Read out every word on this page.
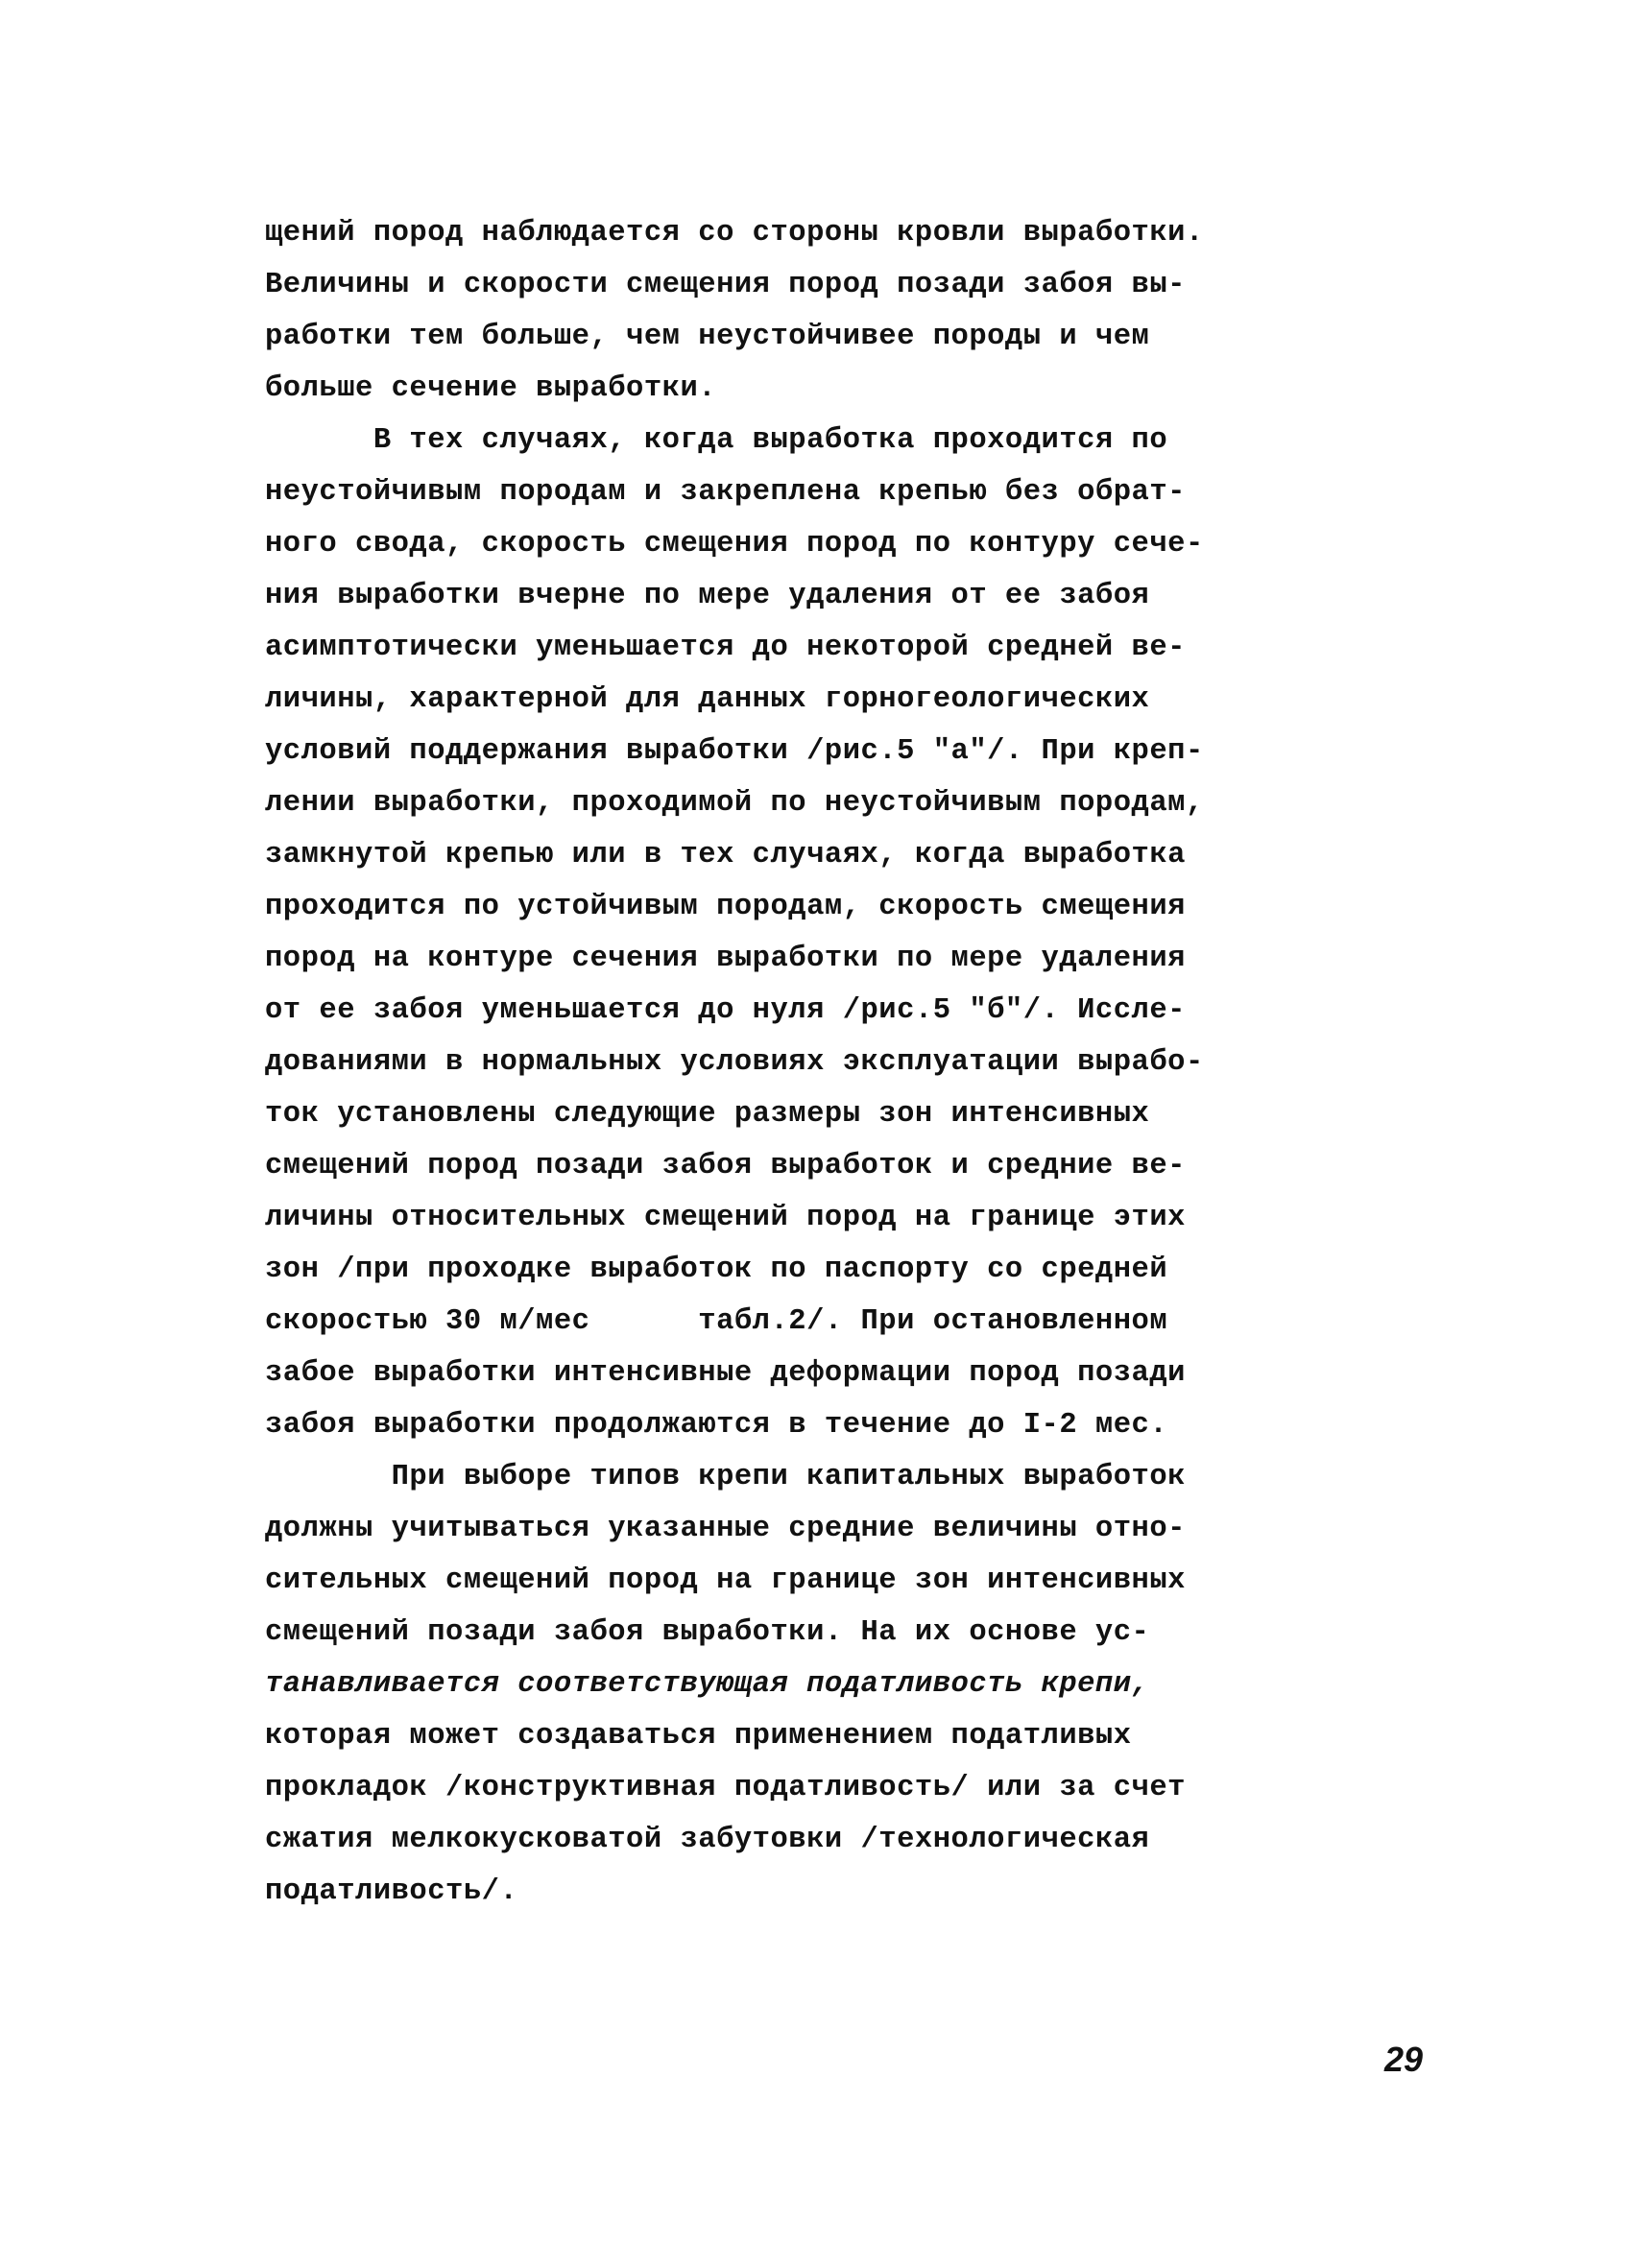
щений пород наблюдается со стороны кровли выработки.
Величины и скорости смещения пород позади забоя вы-
работки тем больше, чем неустойчивее породы и чем
больше сечение выработки.
В тех случаях, когда выработка проходится по
неустойчивым породам и закреплена крепью без обрат-
ного свода, скорость смещения пород по контуру сече-
ния выработки вчерне по мере удаления от ее забоя
асимптотически уменьшается до некоторой средней ве-
личины, характерной для данных горногеологических
условий поддержания выработки /рис.5 "а"/. При креп-
лении выработки, проходимой по неустойчивым породам,
замкнутой крепью или в тех случаях, когда выработка
проходится по устойчивым породам, скорость смещения
пород на контуре сечения выработки по мере удаления
от ее забоя уменьшается до нуля /рис.5 "б"/. Иссле-
дованиями в нормальных условиях эксплуатации вырабо-
ток установлены следующие размеры зон интенсивных
смещений пород позади забоя выработок и средние ве-
личины относительных смещений пород на границе этих
зон /при проходке выработок по паспорту со средней
скоростью 30 м/мес      табл.2/. При остановленном
забое выработки интенсивные деформации пород позади
забоя выработки продолжаются в течение до I-2 мес.
При выборе типов крепи капитальных выработок
должны учитываться указанные средние величины отно-
сительных смещений пород на границе зон интенсивных
смещений позади забоя выработки. На их основе ус-
танавливается соответствующая податливость крепи,
которая может создаваться применением податливых
прокладок /конструктивная податливость/ или за счет
сжатия мелкокусковатой забутовки /технологическая
податливость/.
29
